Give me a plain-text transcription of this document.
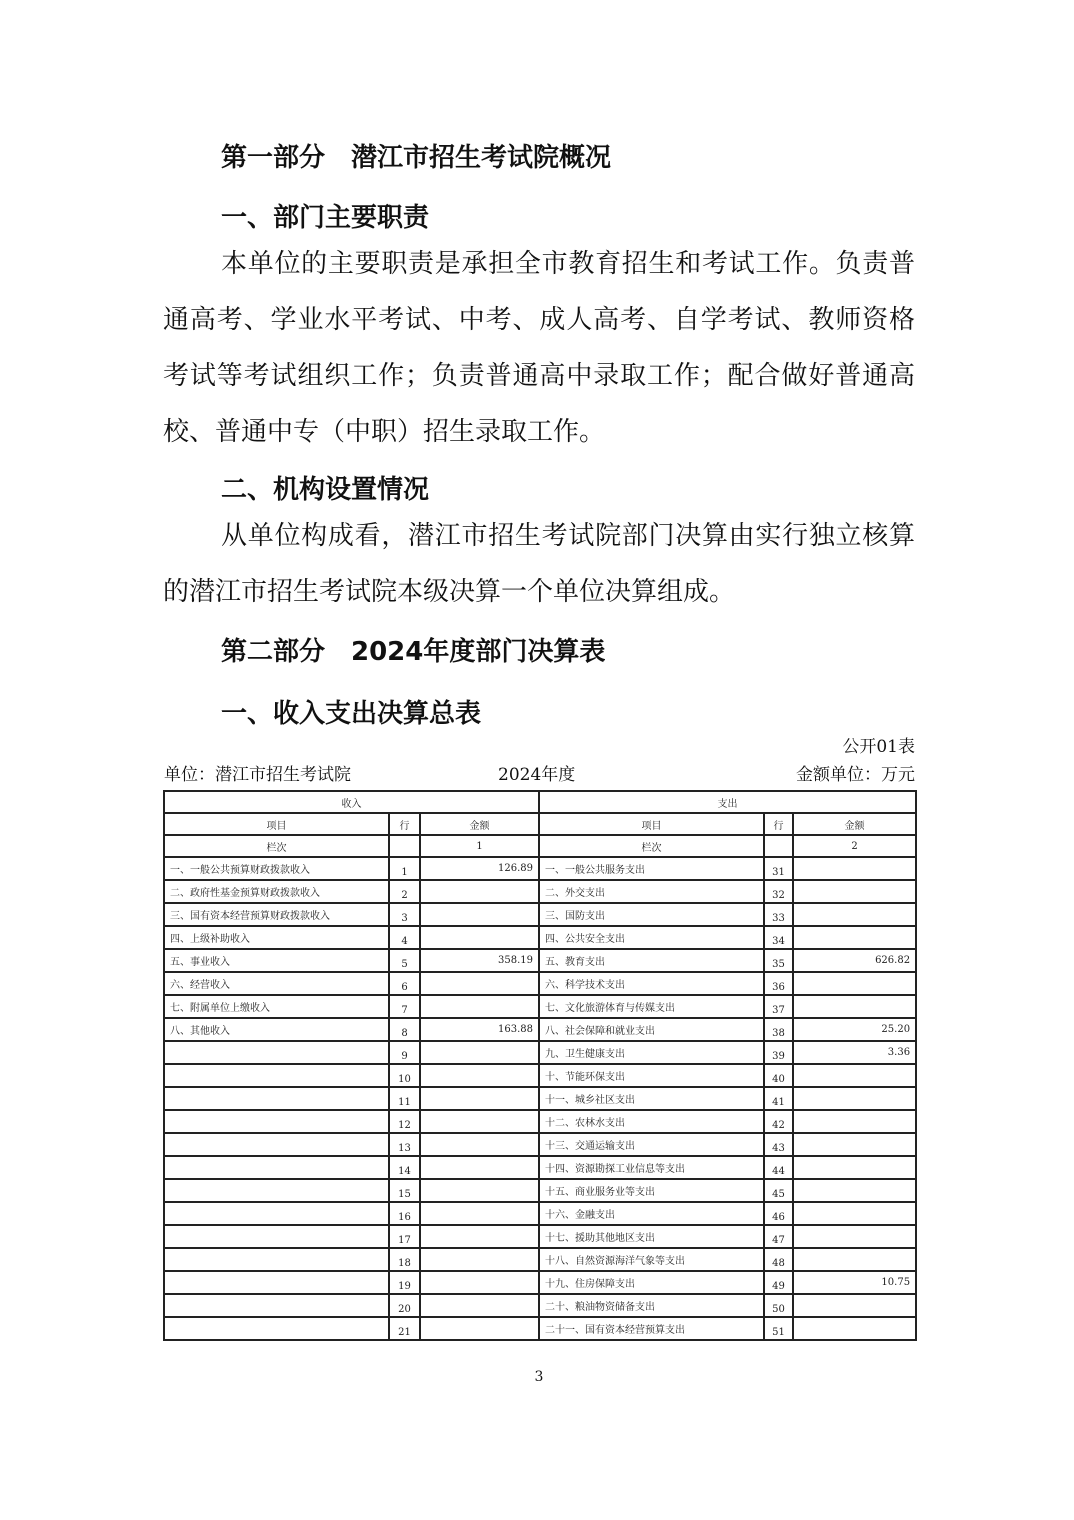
第一部分　潜江市招生考试院概况
一、部门主要职责
本单位的主要职责是承担全市教育招生和考试工作。负责普通高考、学业水平考试、中考、成人高考、自学考试、教师资格考试等考试组织工作；负责普通高中录取工作；配合做好普通高校、普通中专（中职）招生录取工作。
二、机构设置情况
从单位构成看，潜江市招生考试院部门决算由实行独立核算的潜江市招生考试院本级决算一个单位决算组成。
第二部分　2024年度部门决算表
一、收入支出决算总表
公开01表
单位：潜江市招生考试院	2024年度	金额单位：万元
收入			支出		
项目	行	金额	项目	行	金额
栏次		1	栏次		2
一、一般公共预算财政拨款收入	1	126.89	一、一般公共服务支出	31	
二、政府性基金预算财政拨款收入	2		二、外交支出	32	
三、国有资本经营预算财政拨款收入	3		三、国防支出	33	
四、上级补助收入	4		四、公共安全支出	34	
五、事业收入	5	358.19	五、教育支出	35	626.82
六、经营收入	6		六、科学技术支出	36	
七、附属单位上缴收入	7		七、文化旅游体育与传媒支出	37	
八、其他收入	8	163.88	八、社会保障和就业支出	38	25.20
	9		九、卫生健康支出	39	3.36
	10		十、节能环保支出	40	
	11		十一、城乡社区支出	41	
	12		十二、农林水支出	42	
	13		十三、交通运输支出	43	
	14		十四、资源勘探工业信息等支出	44	
	15		十五、商业服务业等支出	45	
	16		十六、金融支出	46	
	17		十七、援助其他地区支出	47	
	18		十八、自然资源海洋气象等支出	48	
	19		十九、住房保障支出	49	10.75
	20		二十、粮油物资储备支出	50	
	21		二十一、国有资本经营预算支出	51	
3
